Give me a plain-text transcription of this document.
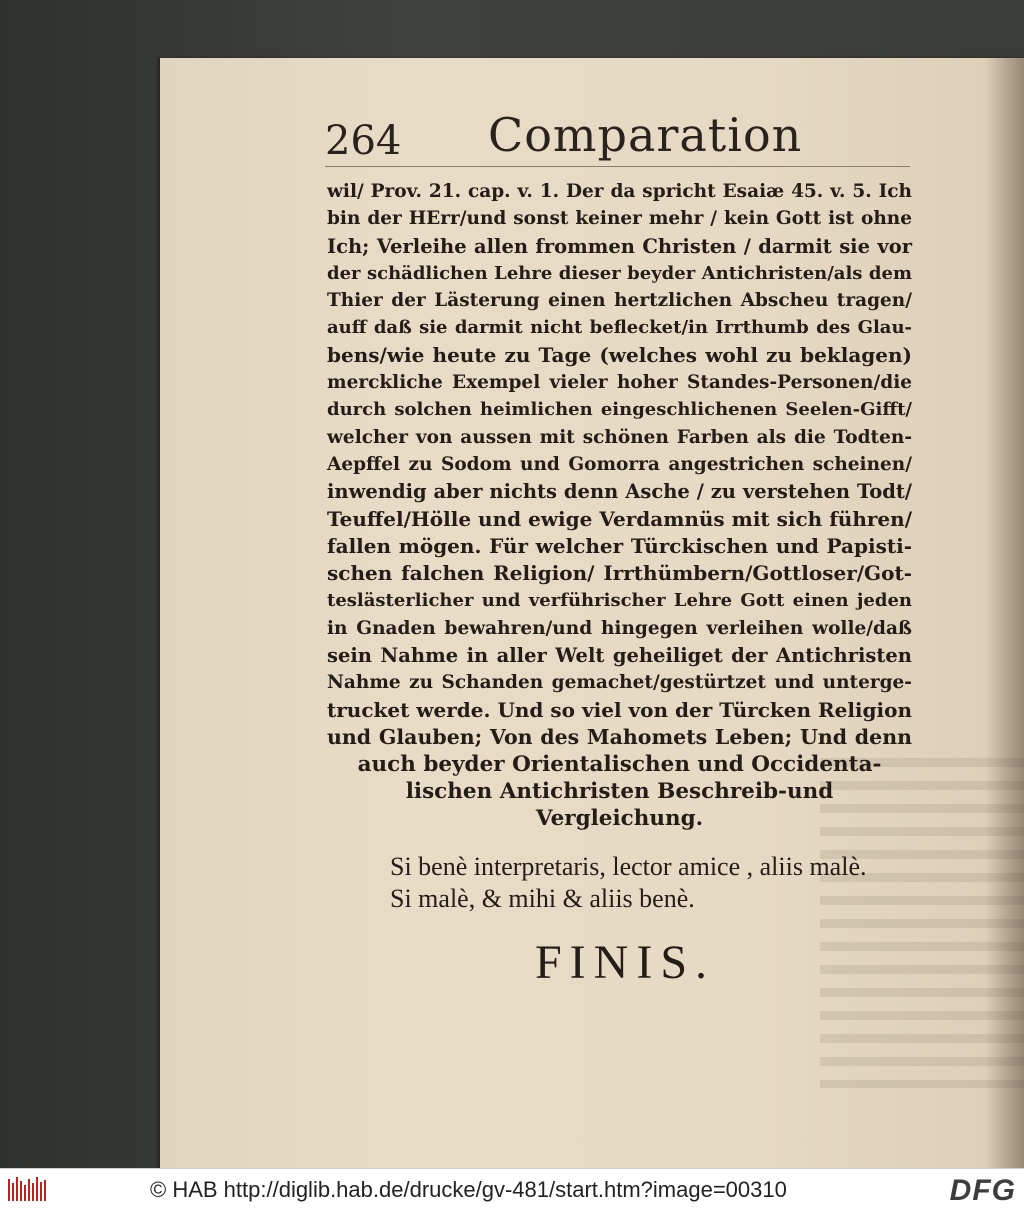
264 Comparation
wil/ Prov. 21. cap. v. 1. Der da spricht Esaiæ 45. v. 5. Ich
bin der HErr/und sonst keiner mehr / kein Gott ist ohne
Ich; Verleihe allen frommen Christen / darmit sie vor
der schädlichen Lehre dieser beyder Antichristen/als dem
Thier der Lästerung einen hertzlichen Abscheu tragen/
auff daß sie darmit nicht beflecket/in Irrthumb des Glau-
bens/wie heute zu Tage (welches wohl zu beklagen)
merckliche Exempel vieler hoher Standes-Personen/die
durch solchen heimlichen eingeschlichenen Seelen-Gifft/
welcher von aussen mit schönen Farben als die Todten-
Aepffel zu Sodom und Gomorra angestrichen scheinen/
inwendig aber nichts denn Asche / zu verstehen Todt/
Teuffel/Hölle und ewige Verdamnüs mit sich führen/
fallen mögen. Für welcher Türckischen und Papisti-
schen falchen Religion/ Irrthümbern/Gottloser/Got-
teslästerlicher und verführischer Lehre Gott einen jeden
in Gnaden bewahren/und hingegen verleihen wolle/daß
sein Nahme in aller Welt geheiliget der Antichristen
Nahme zu Schanden gemachet/gestürtzet und unterge-
trucket werde. Und so viel von der Türcken Religion
und Glauben; Von des Mahomets Leben; Und denn
auch beyder Orientalischen und Occidenta-
lischen Antichristen Beschreib-und
Vergleichung.
Si benè interpretaris, lector amice , aliis malè.
Si malè, & mihi & aliis benè.
FINIS.
© HAB http://diglib.hab.de/drucke/gv-481/start.htm?image=00310	DFG
